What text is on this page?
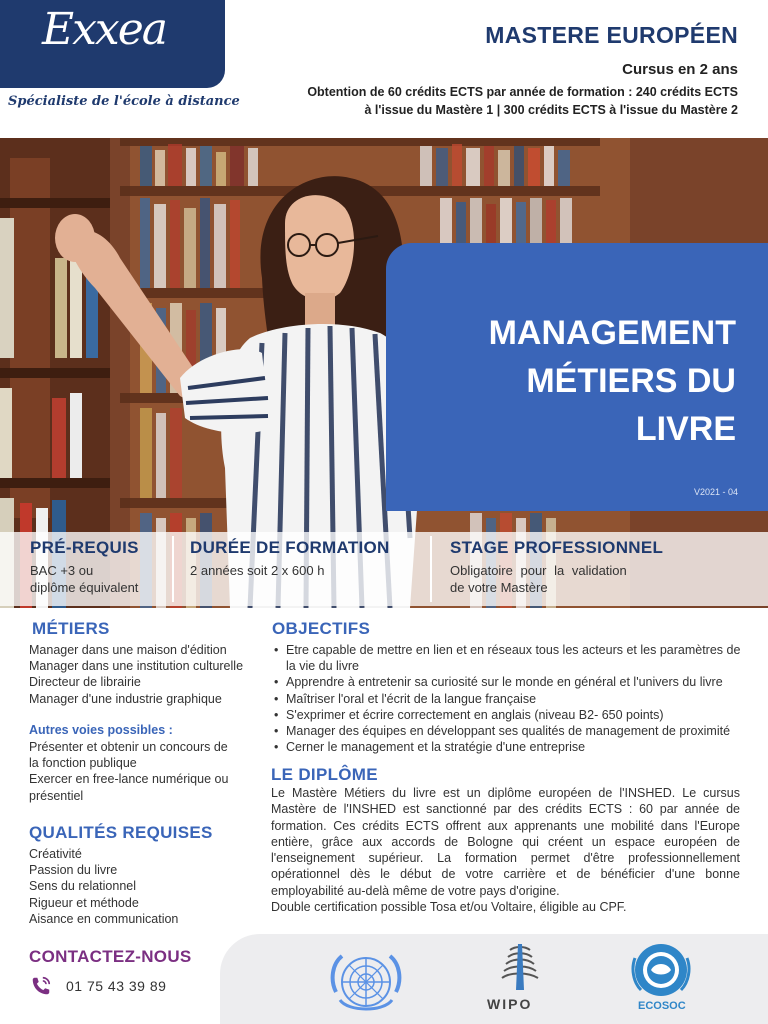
Exxea
Spécialiste de l'école à distance
MASTERE EUROPÉEN
Cursus en 2 ans
Obtention de 60 crédits ECTS par année de formation : 240 crédits ECTS
à l'issue du Mastère 1 | 300 crédits ECTS à l'issue du Mastère 2
MANAGEMENT
MÉTIERS DU
LIVRE
V2021 - 04
PRÉ-REQUIS
BAC +3 ou
diplôme équivalent
DURÉE DE FORMATION
2 années soit 2 x 600 h
STAGE PROFESSIONNEL
Obligatoire pour la validation
de votre Mastère
MÉTIERS
Manager dans une maison d'édition
Manager dans une institution culturelle
Directeur de librairie
Manager d'une industrie graphique
Autres voies possibles :
Présenter et obtenir un concours de
la fonction publique
Exercer en free-lance numérique ou
présentiel
QUALITÉS REQUISES
Créativité
Passion du livre
Sens du relationnel
Rigueur et méthode
Aisance en communication
OBJECTIFS
• Etre capable de mettre en lien et en réseaux tous les acteurs et les paramètres de la vie du livre
• Apprendre à entretenir sa curiosité sur le monde en général et l'univers du livre
• Maîtriser l'oral et l'écrit de la langue française
• S'exprimer et écrire correctement en anglais (niveau B2- 650 points)
• Manager des équipes en développant ses qualités de management de proximité
• Cerner le management et la stratégie d'une entreprise
LE DIPLÔME

Le Mastère Métiers du livre est un diplôme européen de l'INSHED. Le cursus Mastère de l'INSHED est sanctionné par des crédits ECTS : 60 par année de formation. Ces crédits ECTS offrent aux apprenants une mobilité dans l'Europe entière, grâce aux accords de Bologne qui créent un espace européen de l'enseignement supérieur. La formation permet d'être professionnellement opérationnel dès le début de votre carrière et de bénéficier d'une bonne employabilité au-delà même de votre pays d'origine.

Double certification possible Tosa et/ou Voltaire, éligible au CPF.

CONTACTEZ-NOUS
01 75 43 39 89
WIPO	ECOSOC
